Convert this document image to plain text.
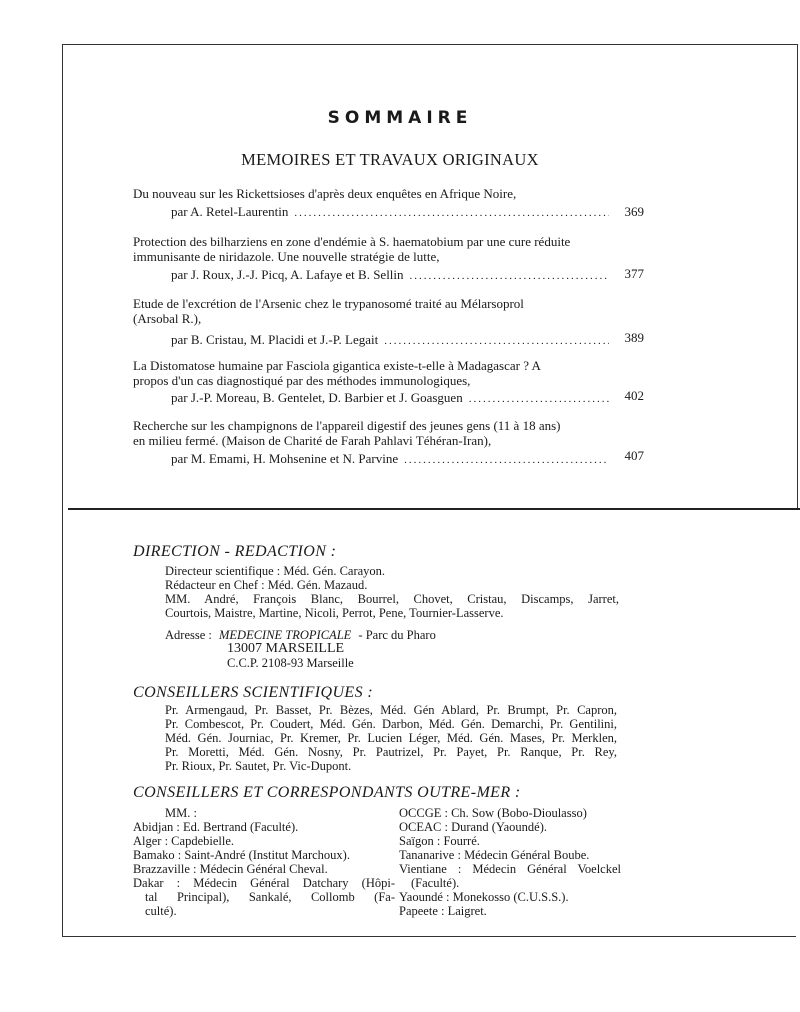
SOMMAIRE
MEMOIRES ET TRAVAUX ORIGINAUX
Du nouveau sur les Rickettsioses d'après deux enquêtes en Afrique Noire,
par A. Retel-Laurentin .....	369
Protection des bilharziens en zone d'endémie à S. haematobium par une cure réduite
immunisante de niridazole. Une nouvelle stratégie de lutte,
par J. Roux, J.-J. Picq, A. Lafaye et B. Sellin .....	377
Etude de l'excrétion de l'Arsenic chez le trypanosomé traité au Mélarsoprol
(Arsobal R.),
par B. Cristau, M. Placidi et J.-P. Legait .....	389
La Distomatose humaine par Fasciola gigantica existe-t-elle à Madagascar ? A
propos d'un cas diagnostiqué par des méthodes immunologiques,
par J.-P. Moreau, B. Gentelet, D. Barbier et J. Goasguen .....	402
Recherche sur les champignons de l'appareil digestif des jeunes gens (11 à 18 ans)
en milieu fermé. (Maison de Charité de Farah Pahlavi Téhéran-Iran),
par M. Emami, H. Mohsenine et N. Parvine .....	407
DIRECTION - REDACTION :
Directeur scientifique : Méd. Gén. Carayon.
Rédacteur en Chef : Méd. Gén. Mazaud.
MM. André, François Blanc, Bourrel, Chovet, Cristau, Discamps, Jarret,
Courtois, Maistre, Martine, Nicoli, Perrot, Pene, Tournier-Lasserve.
Adresse : MEDECINE TROPICALE - Parc du Pharo
13007 MARSEILLE
C.C.P. 2108-93 Marseille
CONSEILLERS SCIENTIFIQUES :
Pr. Armengaud, Pr. Basset, Pr. Bèzes, Méd. Gén Ablard, Pr. Brumpt, Pr. Capron,
Pr. Combescot, Pr. Coudert, Méd. Gén. Darbon, Méd. Gén. Demarchi, Pr. Gentilini,
Méd. Gén. Journiac, Pr. Kremer, Pr. Lucien Léger, Méd. Gén. Mases, Pr. Merklen,
Pr. Moretti, Méd. Gén. Nosny, Pr. Pautrizel, Pr. Payet, Pr. Ranque, Pr. Rey,
Pr. Rioux, Pr. Sautet, Pr. Vic-Dupont.
CONSEILLERS ET CORRESPONDANTS OUTRE-MER :
MM. :
Abidjan : Ed. Bertrand (Faculté).
Alger : Capdebielle.
Bamako : Saint-André (Institut Marchoux).
Brazzaville : Médecin Général Cheval.
Dakar : Médecin Général Datchary (Hôpi-
tal Principal), Sankalé, Collomb (Fa-
culté).
OCCGE : Ch. Sow (Bobo-Dioulasso)
OCEAC : Durand (Yaoundé).
Saïgon : Fourré.
Tananarive : Médecin Général Boube.
Vientiane : Médecin Général Voelckel
(Faculté).
Yaoundé : Monekosso (C.U.S.S.).
Papeete : Laigret.
